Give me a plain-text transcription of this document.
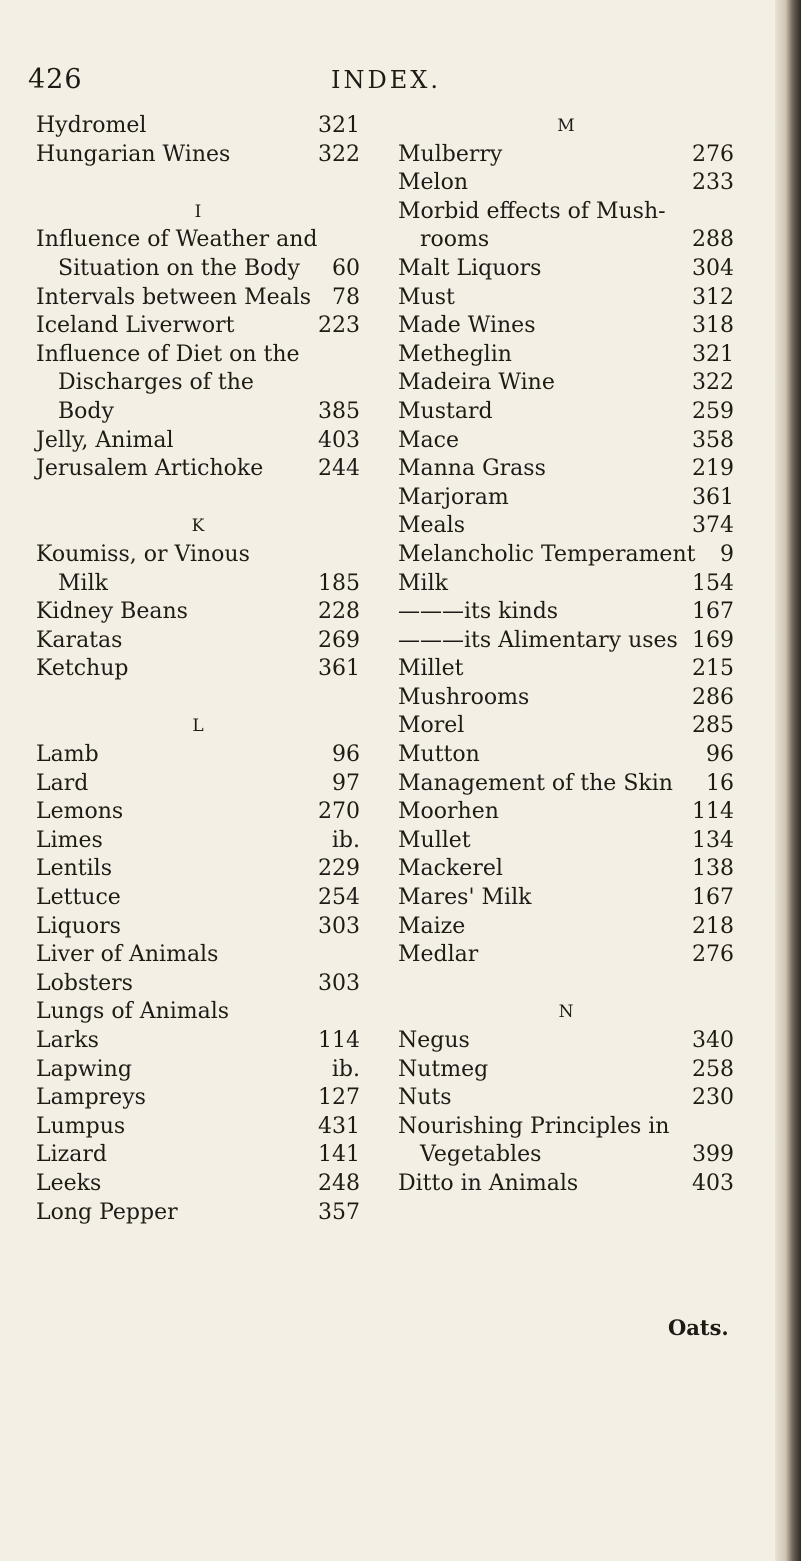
426	INDEX.
Hydromel	321
Hungarian Wines	322
I
Influence of Weather and
Situation on the Body 60
Intervals between Meals 78
Iceland Liverwort	223
Influence of Diet on the
Discharges of the
Body	385
Jelly, Animal	403
Jerusalem Artichoke 244
K
Koumiss, or Vinous
Milk	185
Kidney Beans	228
Karatas	269
Ketchup	361
L
Lamb	96
Lard	97
Lemons	270
Limes	ib.
Lentils	229
Lettuce	254
Liquors	303
Liver of Animals
Lobsters	303
Lungs of Animals
Larks	114
Lapwing	ib.
Lampreys	127
Lumpus	431
Lizard	141
Leeks	248
Long Pepper	357
M
Mulberry	276
Melon	233
Morbid effects of Mush-
rooms	288
Malt Liquors	304
Must	312
Made Wines	318
Metheglin	321
Madeira Wine	322
Mustard	259
Mace	358
Manna Grass	219
Marjoram	361
Meals	374
Melancholic Temperament 9
Milk	154
———its kinds	167
———its Alimentary uses 169
Millet	215
Mushrooms	286
Morel	285
Mutton	96
Management of the Skin 16
Moorhen	114
Mullet	134
Mackerel	138
Mares' Milk	167
Maize	218
Medlar	276
N
Negus	340
Nutmeg	258
Nuts	230
Nourishing Principles in
Vegetables	399
Ditto in Animals	403
Oats.
